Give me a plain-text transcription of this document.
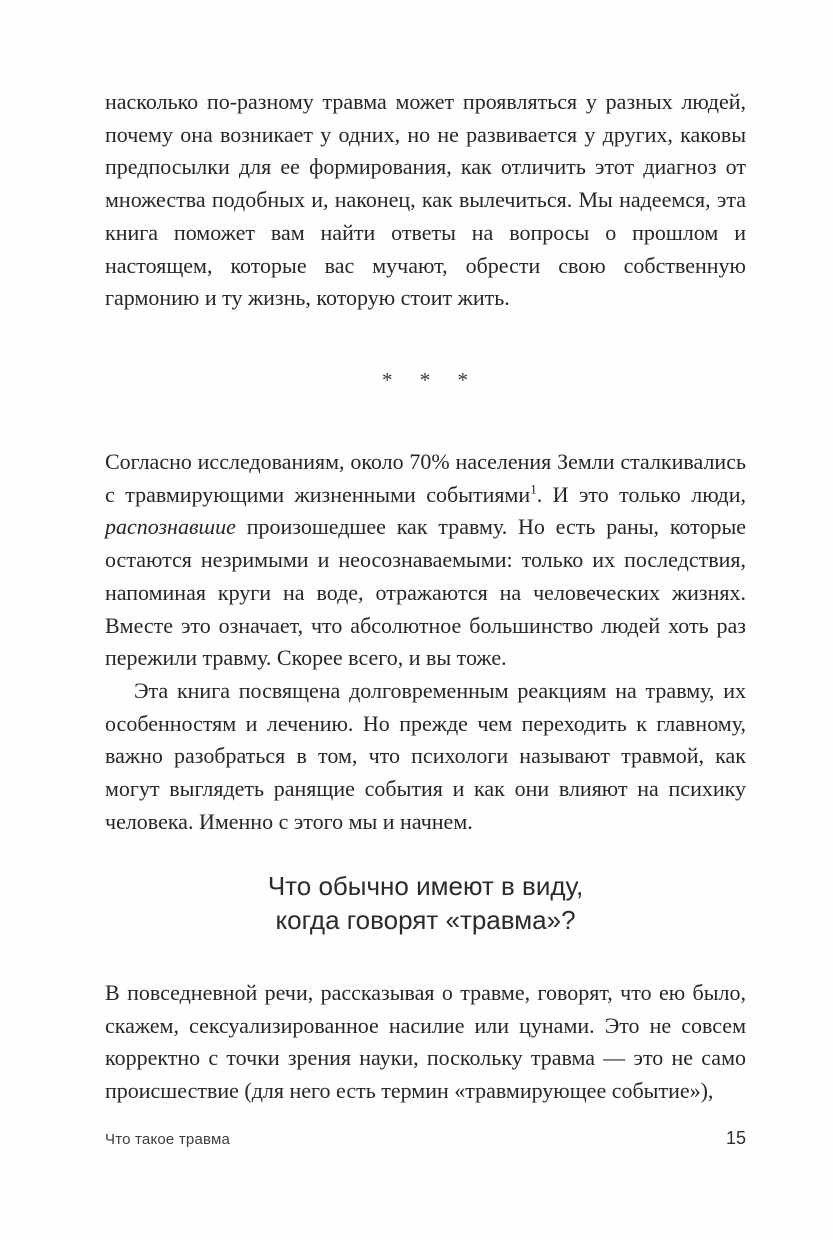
насколько по-разному травма может проявляться у разных людей, почему она возникает у одних, но не развивается у других, каковы предпосылки для ее формирования, как отличить этот диагноз от множества подобных и, наконец, как вылечиться. Мы надеемся, эта книга поможет вам найти ответы на вопросы о прошлом и настоящем, которые вас мучают, обрести свою собственную гармонию и ту жизнь, которую стоит жить.

* * *

Согласно исследованиям, около 70% населения Земли сталкивались с травмирующими жизненными событиями$^1$. И это только люди, распознавшие произошедшее как травму. Но есть раны, которые остаются незримыми и неосознаваемыми: только их последствия, напоминая круги на воде, отражаются на человеческих жизнях. Вместе это означает, что абсолютное большинство людей хоть раз пережили травму. Скорее всего, и вы тоже.

Эта книга посвящена долговременным реакциям на травму, их особенностям и лечению. Но прежде чем переходить к главному, важно разобраться в том, что психологи называют травмой, как могут выглядеть ранящие события и как они влияют на психику человека. Именно с этого мы и начнем.

Что обычно имеют в виду,
когда говорят «травма»?

В повседневной речи, рассказывая о травме, говорят, что ею было, скажем, сексуализированное насилие или цунами. Это не совсем корректно с точки зрения науки, поскольку травма — это не само происшествие (для него есть термин «травмирующее событие»),

Что такое травма	15
